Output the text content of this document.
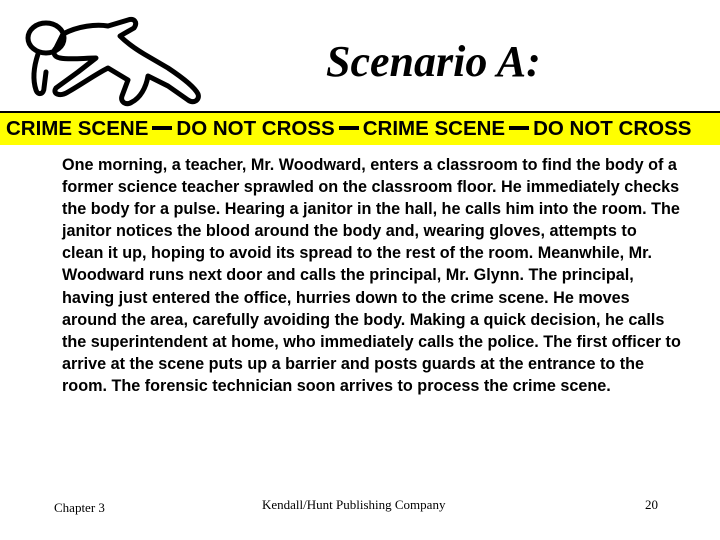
Scenario A:
CRIME SCENE DO NOT CROSS CRIME SCENE DO NOT CROSS

One morning, a teacher, Mr. Woodward, enters a classroom to find the body of a former science teacher sprawled on the classroom floor. He immediately checks the body for a pulse. Hearing a janitor in the hall, he calls him into the room. The janitor notices the blood around the body and, wearing gloves, attempts to clean it up, hoping to avoid its spread to the rest of the room. Meanwhile, Mr. Woodward runs next door and calls the principal, Mr. Glynn. The principal, having just entered the office, hurries down to the crime scene. He moves around the area, carefully avoiding the body. Making a quick decision, he calls the superintendent at home, who immediately calls the police. The first officer to arrive at the scene puts up a barrier and posts guards at the entrance to the room. The forensic technician soon arrives to process the crime scene.

Chapter 3	Kendall/Hunt Publishing Company	20
